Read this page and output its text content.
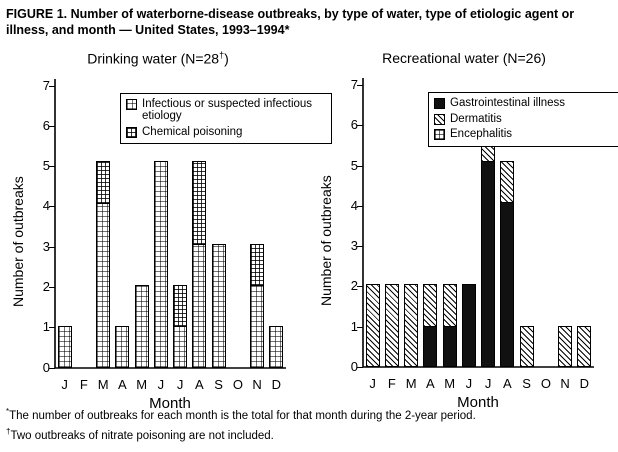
FIGURE 1. Number of waterborne-disease outbreaks, by type of water, type of etiologic agent or illness, and month — United States, 1993–1994*
Drinking water (N=28†)
Number of outbreaks
0
1
2
3
4
5
6
7
Infectious or suspected infectious etiology
Chemical poisoning
J F M A M J J A S O N D
Month
Recreational water (N=26)
Number of outbreaks
0
1
2
3
4
5
6
7
Gastrointestinal illness
Dermatitis
Encephalitis
J F M A M J J A S O N D
Month
*The number of outbreaks for each month is the total for that month during the 2-year period.
†Two outbreaks of nitrate poisoning are not included.
